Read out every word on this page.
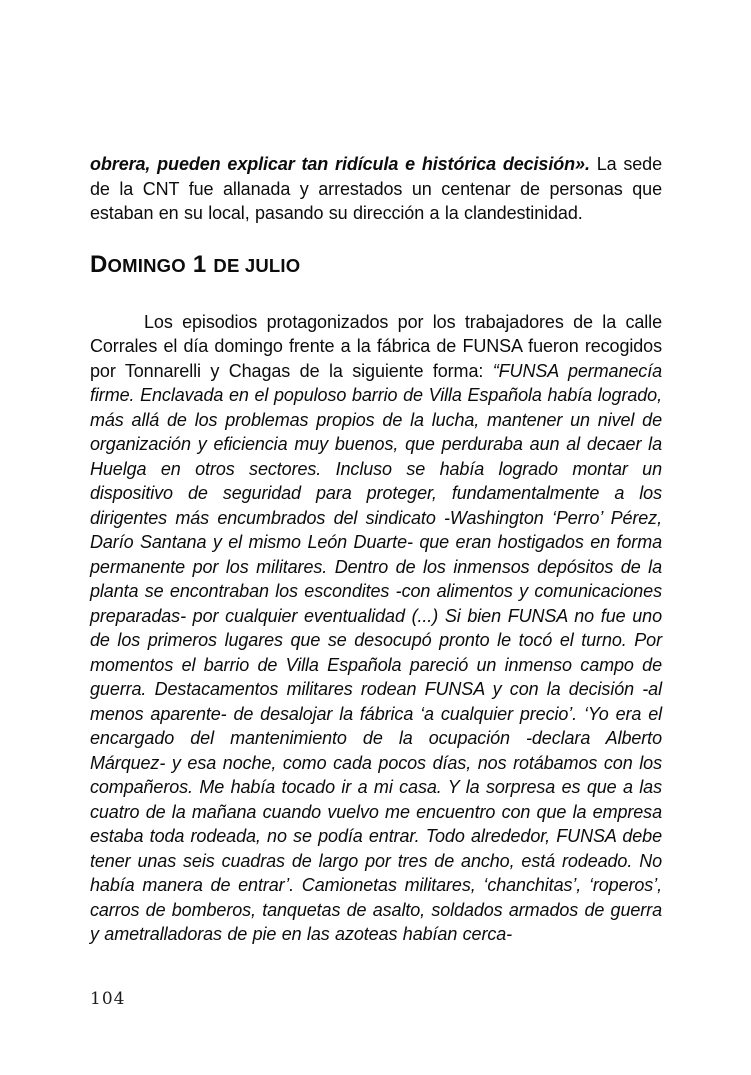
obrera, pueden explicar tan ridícula e histórica decisión». La sede de la CNT fue allanada y arrestados un centenar de personas que estaban en su local, pasando su dirección a la clandestinidad.

DOMINGO 1 DE JULIO

Los episodios protagonizados por los trabajadores de la calle Corrales el día domingo frente a la fábrica de FUNSA fueron recogidos por Tonnarelli y Chagas de la siguiente forma: “FUNSA permanecía firme. Enclavada en el populoso barrio de Villa Española había logrado, más allá de los problemas propios de la lucha, mantener un nivel de organización y eficiencia muy buenos, que perduraba aun al decaer la Huelga en otros sectores. Incluso se había logrado montar un dispositivo de seguridad para proteger, fundamentalmente a los dirigentes más encumbrados del sindicato -Washington ‘Perro’ Pérez, Darío Santana y el mismo León Duarte- que eran hostigados en forma permanente por los militares. Dentro de los inmensos depósitos de la planta se encontraban los escondites -con alimentos y comunicaciones preparadas- por cualquier eventualidad (...) Si bien FUNSA no fue uno de los primeros lugares que se desocupó pronto le tocó el turno. Por momentos el barrio de Villa Española pareció un inmenso campo de guerra. Destacamentos militares rodean FUNSA y con la decisión -al menos aparente- de desalojar la fábrica ‘a cualquier precio’. ‘Yo era el encargado del mantenimiento de la ocupación -declara Alberto Márquez- y esa noche, como cada pocos días, nos rotábamos con los compañeros. Me había tocado ir a mi casa. Y la sorpresa es que a las cuatro de la mañana cuando vuelvo me encuentro con que la empresa estaba toda rodeada, no se podía entrar. Todo alrededor, FUNSA debe tener unas seis cuadras de largo por tres de ancho, está rodeado. No había manera de entrar’. Camionetas militares, ‘chanchitas’, ‘roperos’, carros de bomberos, tanquetas de asalto, soldados armados de guerra y ametralladoras de pie en las azoteas habían cerca-

104
